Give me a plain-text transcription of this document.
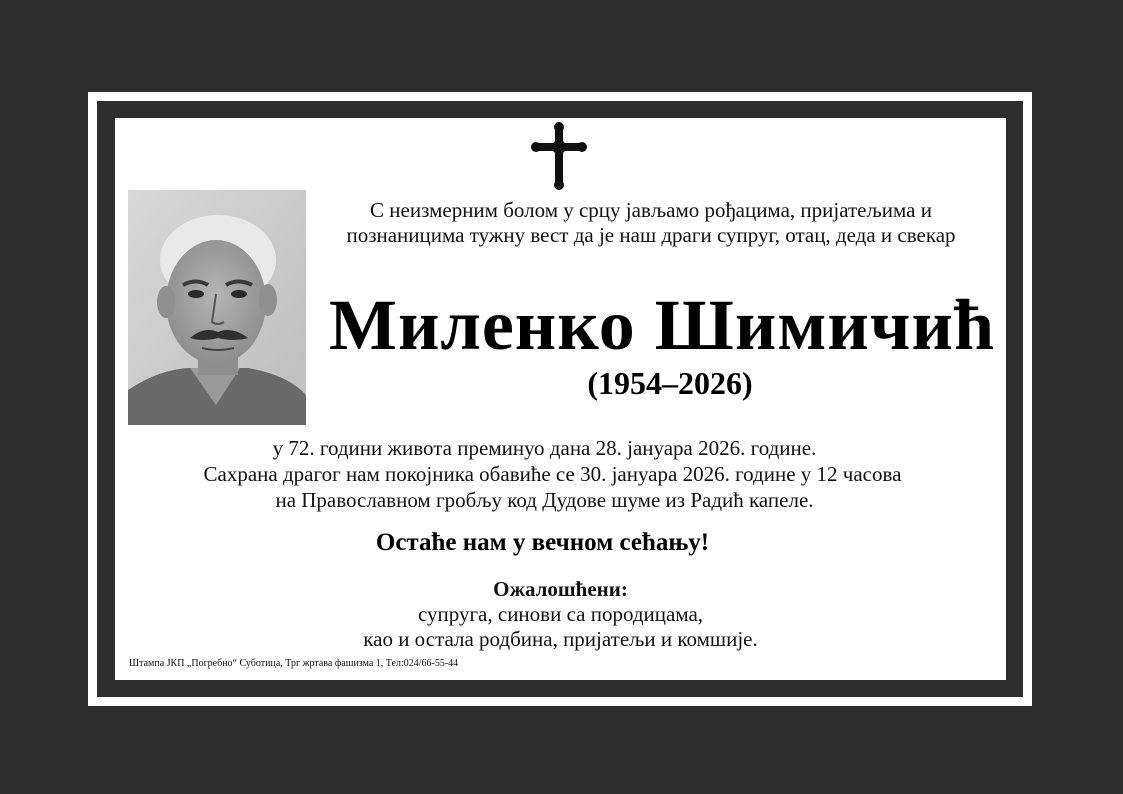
С неизмерним болом у срцу јављамо рођацима, пријатељима и
познаницима тужну вест да је наш драги супруг, отац, деда и свекар
Миленко Шимичић
(1954–2026)
у 72. години живота преминуо дана 28. јануара 2026. године.
Сахрана драгог нам покојника обавиће се 30. јануара 2026. године у 12 часова
на Православном гробљу код Дудове шуме из Радић капеле.
Остаће нам у вечном сећању!
Ожалошћени:
супруга, синови са породицама,
као и остала родбина, пријатељи и комшије.
Штампа ЈКП „Погребно“ Суботица, Трг жртава фашизма 1, Тел:024/66-55-44
